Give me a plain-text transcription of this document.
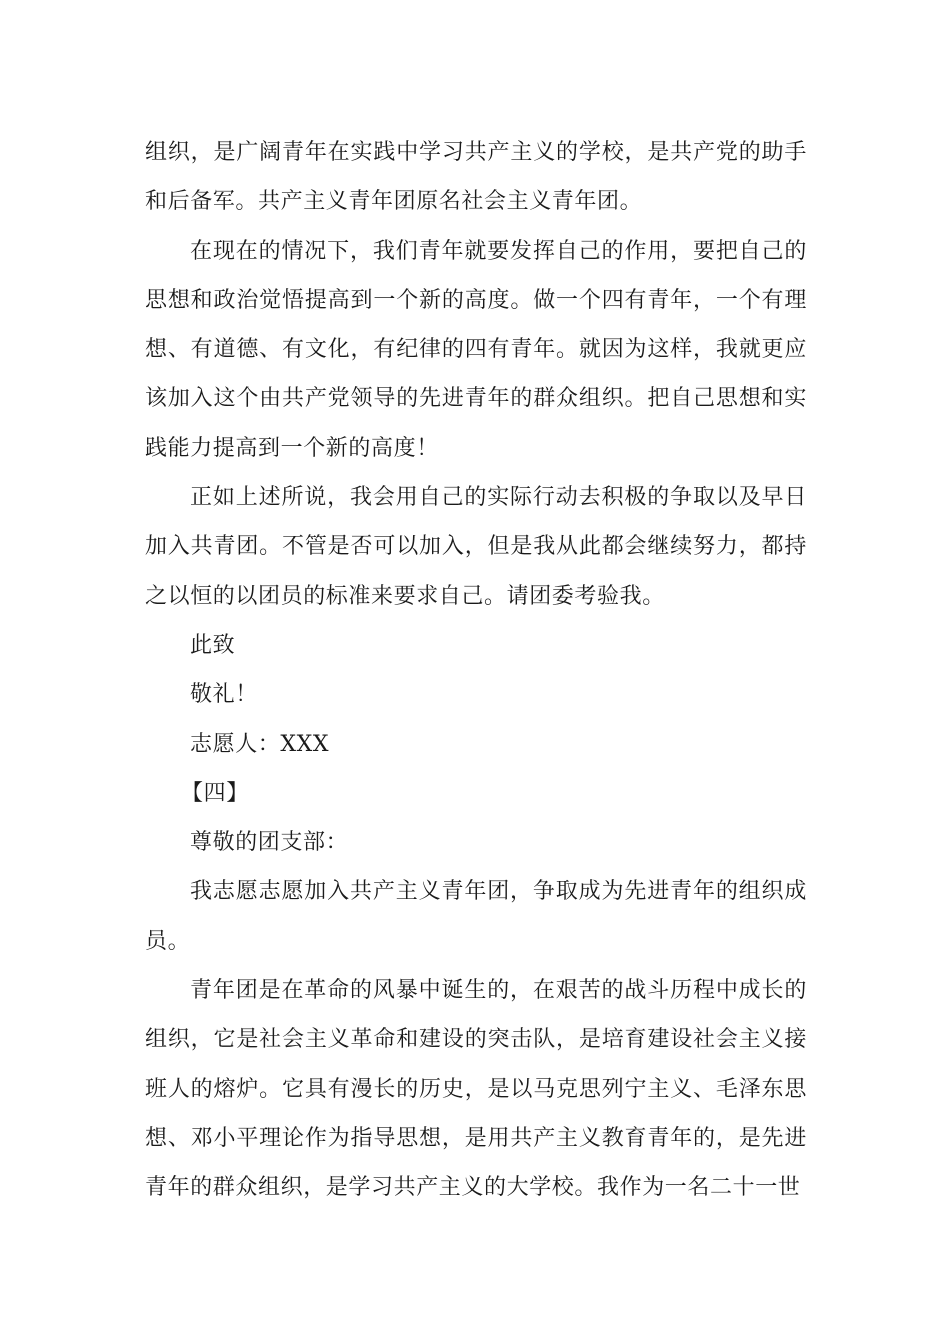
组织，是广阔青年在实践中学习共产主义的学校，是共产党的助手和后备军。共产主义青年团原名社会主义青年团。

在现在的情况下，我们青年就要发挥自己的作用，要把自己的思想和政治觉悟提高到一个新的高度。做一个四有青年，一个有理想、有道德、有文化，有纪律的四有青年。就因为这样，我就更应该加入这个由共产党领导的先进青年的群众组织。把自己思想和实践能力提高到一个新的高度！

正如上述所说，我会用自己的实际行动去积极的争取以及早日加入共青团。不管是否可以加入，但是我从此都会继续努力，都持之以恒的以团员的标准来要求自己。请团委考验我。

此致

敬礼！

志愿人：XXX

【四】

尊敬的团支部：

我志愿志愿加入共产主义青年团，争取成为先进青年的组织成员。

青年团是在革命的风暴中诞生的，在艰苦的战斗历程中成长的组织，它是社会主义革命和建设的突击队，是培育建设社会主义接班人的熔炉。它具有漫长的历史，是以马克思列宁主义、毛泽东思想、邓小平理论作为指导思想，是用共产主义教育青年的，是先进青年的群众组织，是学习共产主义的大学校。我作为一名二十一世
